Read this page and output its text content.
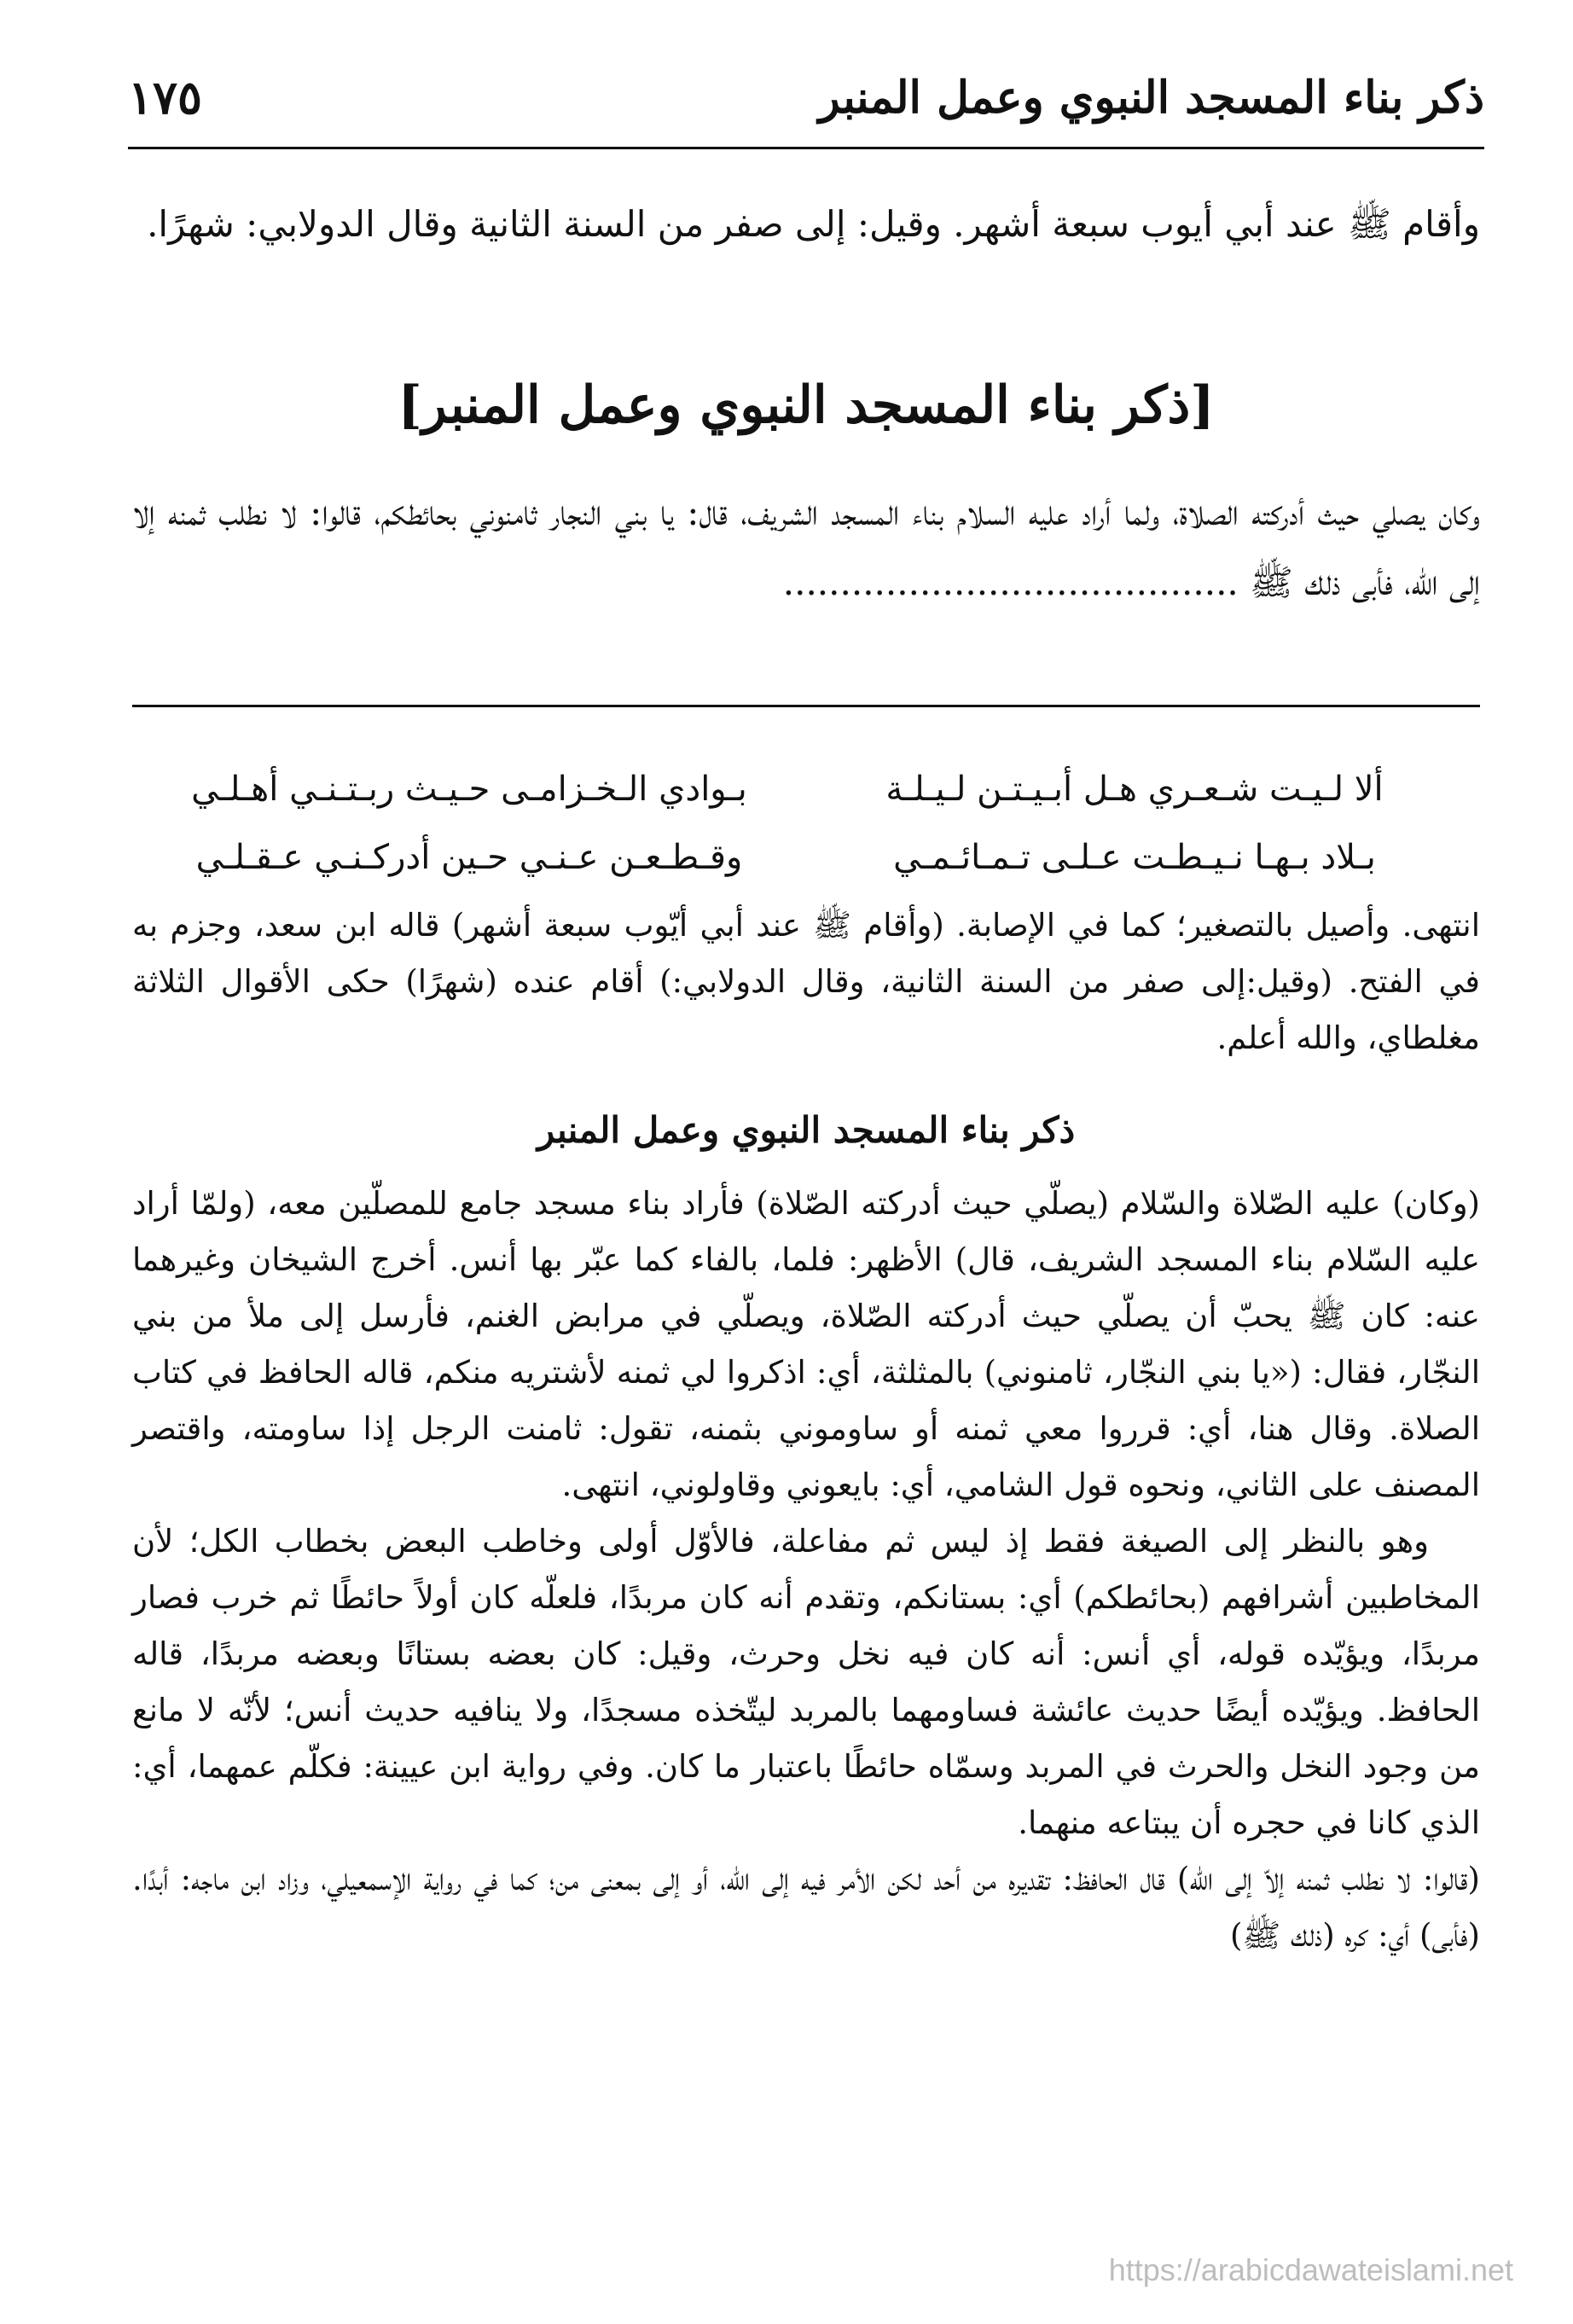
١٧٥	ذكر بناء المسجد النبوي وعمل المنبر
وأقام ﷺ عند أبي أيوب سبعة أشهر. وقيل: إلى صفر من السنة الثانية وقال الدولابي: شهرًا.
[ذكر بناء المسجد النبوي وعمل المنبر]
وكان يصلي حيث أدركته الصلاة، ولما أراد عليه السلام بناء المسجد الشريف، قال: يا بني النجار ثامنوني بحائطكم، قالوا: لا نطلب ثمنه إلا إلى الله، فأبى ذلك ﷺ ........................................
ألا لـيـت شـعـري هـل أبـيـتـن لـيـلـة
بـوادي الـخـزامـى حـيـث ربـتـنـي أهـلـي
بـلاد بـهـا نـيـطـت عـلـى تـمـائـمـي
وقـطـعـن عـنـي حـين أدركـنـي عـقـلـي

انتهى. وأصيل بالتصغير؛ كما في الإصابة. (وأقام ﷺ عند أبي أيّوب سبعة أشهر) قاله ابن سعد، وجزم به في الفتح. (وقيل:إلى صفر من السنة الثانية، وقال الدولابي:) أقام عنده (شهرًا) حكى الأقوال الثلاثة مغلطاي، والله أعلم.

ذكر بناء المسجد النبوي وعمل المنبر

(وكان) عليه الصّلاة والسّلام (يصلّي حيث أدركته الصّلاة) فأراد بناء مسجد جامع للمصلّين معه، (ولمّا أراد عليه السّلام بناء المسجد الشريف، قال) الأظهر: فلما، بالفاء كما عبّر بها أنس. أخرج الشيخان وغيرهما عنه: كان ﷺ يحبّ أن يصلّي حيث أدركته الصّلاة، ويصلّي في مرابض الغنم، فأرسل إلى ملأ من بني النجّار، فقال: («يا بني النجّار، ثامنوني) بالمثلثة، أي: اذكروا لي ثمنه لأشتريه منكم، قاله الحافظ في كتاب الصلاة. وقال هنا، أي: قرروا معي ثمنه أو ساوموني بثمنه، تقول: ثامنت الرجل إذا ساومته، واقتصر المصنف على الثاني، ونحوه قول الشامي، أي: بايعوني وقاولوني، انتهى.

وهو بالنظر إلى الصيغة فقط إذ ليس ثم مفاعلة، فالأوّل أولى وخاطب البعض بخطاب الكل؛ لأن المخاطبين أشرافهم (بحائطكم) أي: بستانكم، وتقدم أنه كان مربدًا، فلعلّه كان أولاً حائطًا ثم خرب فصار مربدًا، ويؤيّده قوله، أي أنس: أنه كان فيه نخل وحرث، وقيل: كان بعضه بستانًا وبعضه مربدًا، قاله الحافظ. ويؤيّده أيضًا حديث عائشة فساومهما بالمربد ليتّخذه مسجدًا، ولا ينافيه حديث أنس؛ لأنّه لا مانع من وجود النخل والحرث في المربد وسمّاه حائطًا باعتبار ما كان. وفي رواية ابن عيينة: فكلّم عمهما، أي: الذي كانا في حجره أن يبتاعه منهما.

(قالوا: لا نطلب ثمنه إلاّ إلى الله) قال الحافظ: تقديره من أحد لكن الأمر فيه إلى الله، أو إلى بمعنى من؛ كما في رواية الإسمعيلي، وزاد ابن ماجه: أبدًا. (فأبى) أي: كره (ذلك ﷺ)

https://arabicdawateislami.net
